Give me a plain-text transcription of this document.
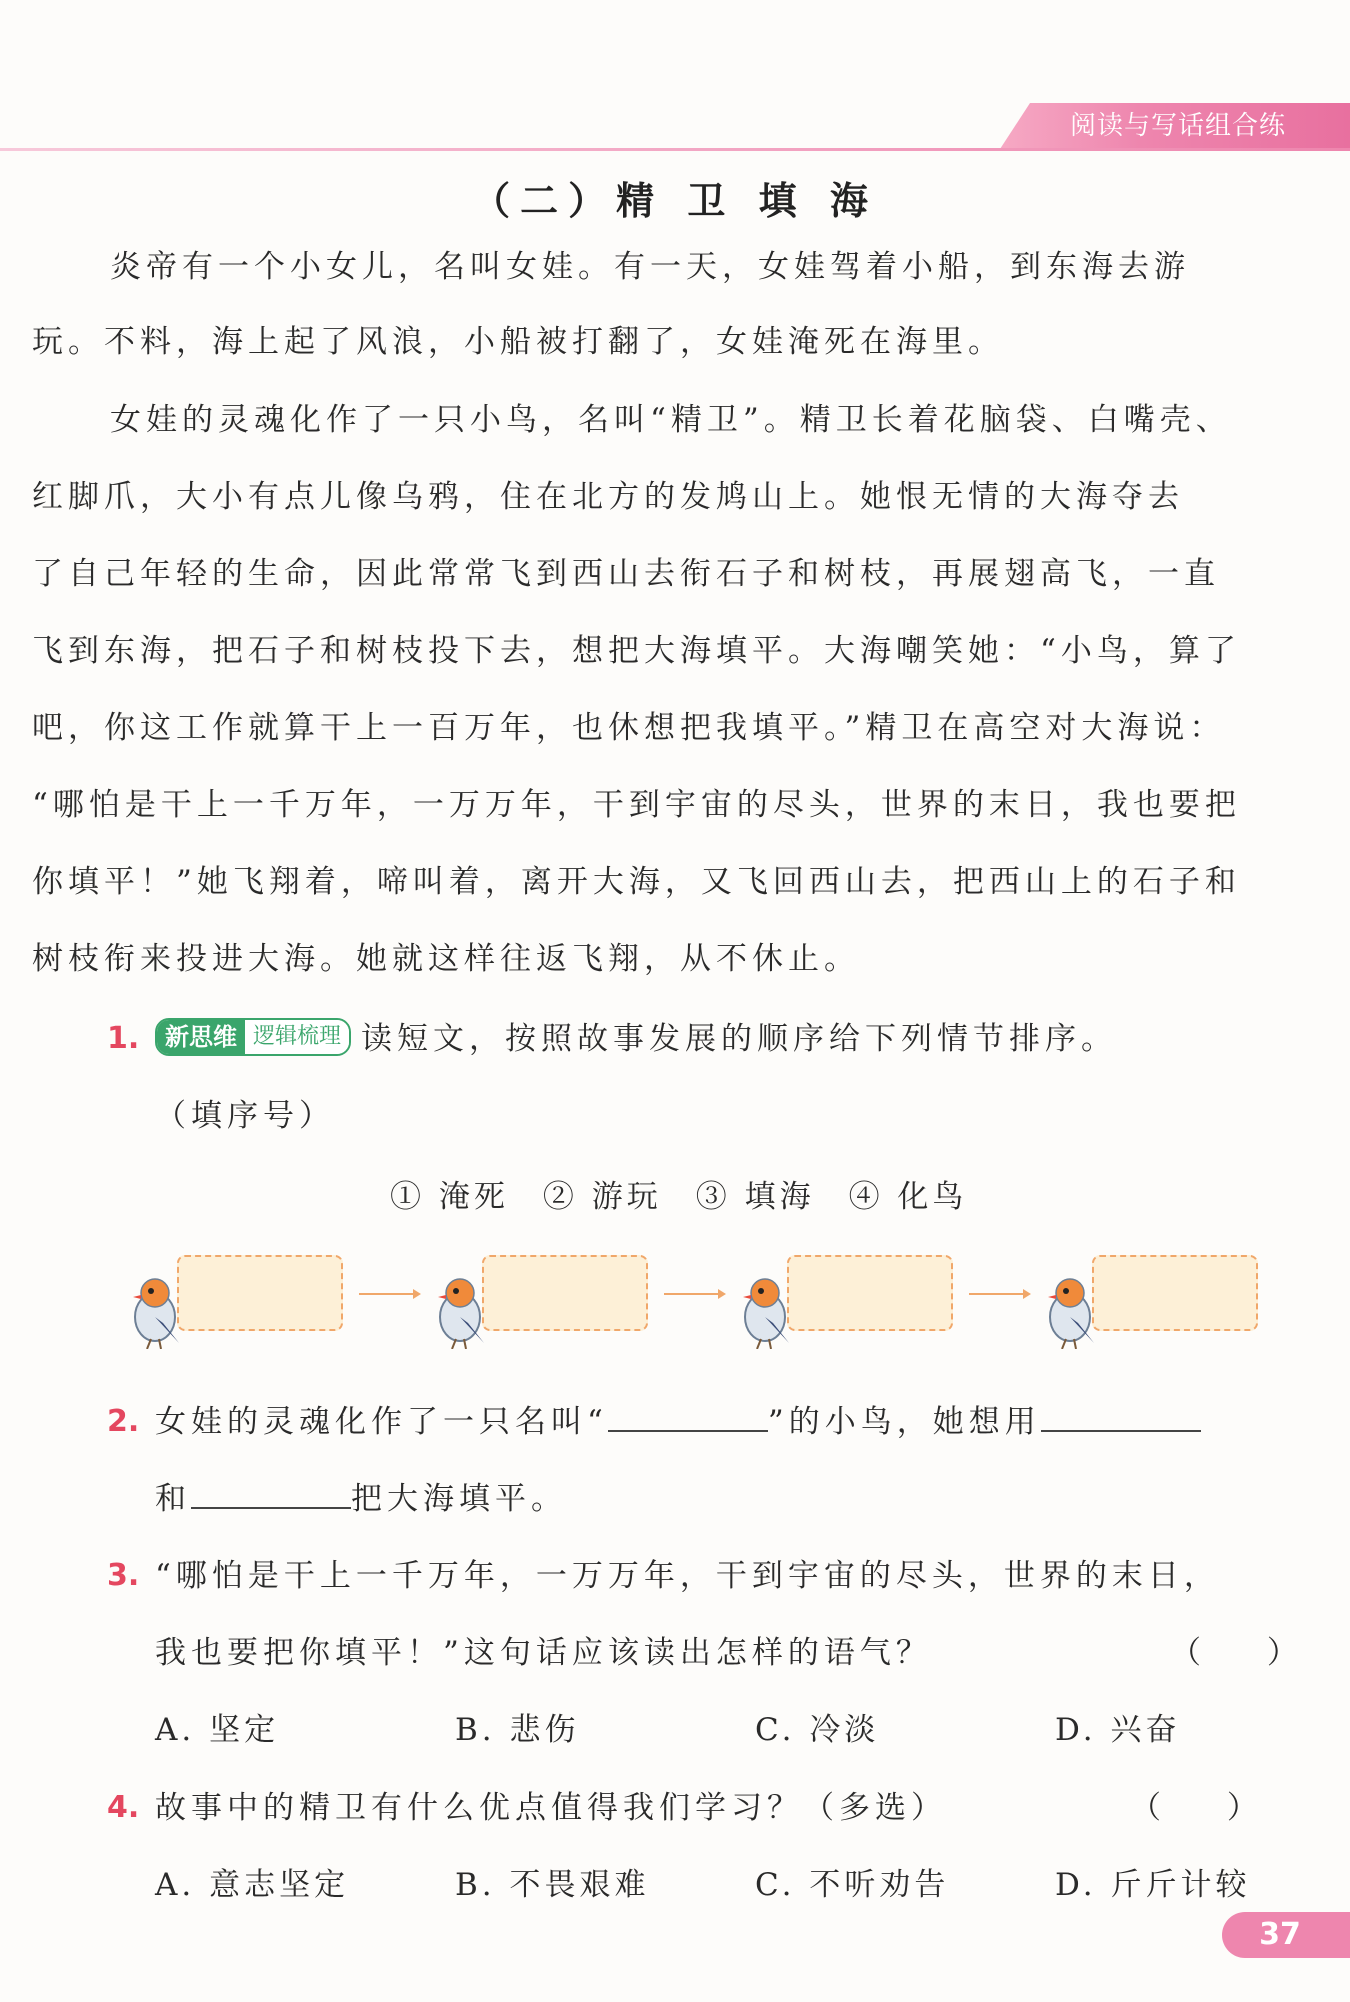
阅读与写话组合练
（二）精 卫 填 海
炎帝有一个小女儿，名叫女娃。有一天，女娃驾着小船，到东海去游
玩。不料，海上起了风浪，小船被打翻了，女娃淹死在海里。
女娃的灵魂化作了一只小鸟，名叫“精卫”。精卫长着花脑袋、白嘴壳、
红脚爪，大小有点儿像乌鸦，住在北方的发鸠山上。她恨无情的大海夺去
了自己年轻的生命，因此常常飞到西山去衔石子和树枝，再展翅高飞，一直
飞到东海，把石子和树枝投下去，想把大海填平。大海嘲笑她：“小鸟，算了
吧，你这工作就算干上一百万年，也休想把我填平。”精卫在高空对大海说：
“哪怕是干上一千万年，一万万年，干到宇宙的尽头，世界的末日，我也要把
你填平！”她飞翔着，啼叫着，离开大海，又飞回西山去，把西山上的石子和
树枝衔来投进大海。她就这样往返飞翔，从不休止。
1.	新思维 逻辑梳理 读短文，按照故事发展的顺序给下列情节排序。
（填序号）
① 淹死 ② 游玩 ③ 填海 ④ 化鸟
2. 女娃的灵魂化作了一只名叫“	”的小鸟，她想用
和	把大海填平。
3. “哪怕是干上一千万年，一万万年，干到宇宙的尽头，世界的末日，
我也要把你填平！”这句话应该读出怎样的语气？	（ ）
A. 坚定	B. 悲伤	C. 冷淡	D. 兴奋
4. 故事中的精卫有什么优点值得我们学习？（多选）	（ ）
A. 意志坚定	B. 不畏艰难	C. 不听劝告	D. 斤斤计较
37
